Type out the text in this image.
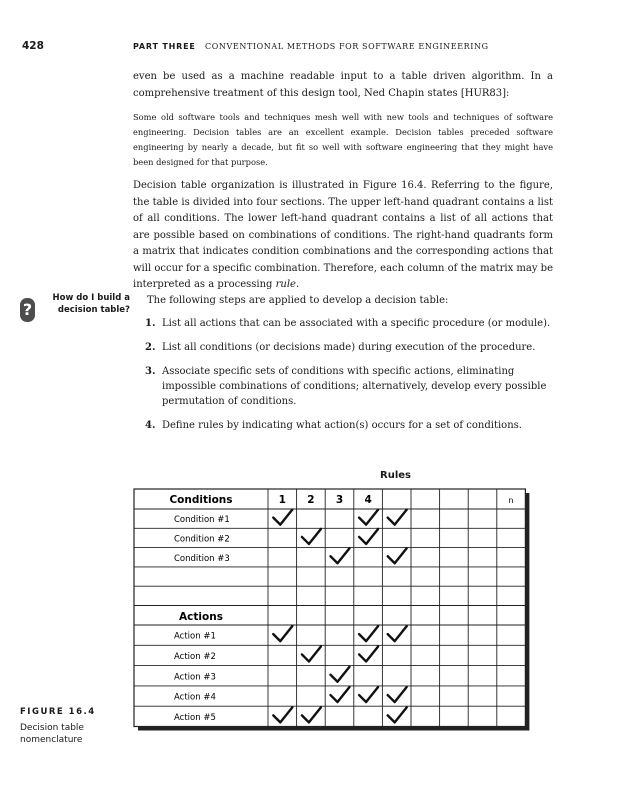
428	PART THREE CONVENTIONAL METHODS FOR SOFTWARE ENGINEERING

even be used as a machine readable input to a table driven algorithm. In a comprehensive treatment of this design tool, Ned Chapin states [HUR83]:

Some old software tools and techniques mesh well with new tools and techniques of software engineering. Decision tables are an excellent example. Decision tables preceded software engineering by nearly a decade, but fit so well with software engineering that they might have been designed for that purpose.

Decision table organization is illustrated in Figure 16.4. Referring to the figure, the table is divided into four sections. The upper left-hand quadrant contains a list of all conditions. The lower left-hand quadrant contains a list of all actions that are possible based on combinations of conditions. The right-hand quadrants form a matrix that indicates condition combinations and the corresponding actions that will occur for a specific combination. Therefore, each column of the matrix may be interpreted as a processing rule.

The following steps are applied to develop a decision table:

1. List all actions that can be associated with a specific procedure (or module).
2. List all conditions (or decisions made) during execution of the procedure.
3. Associate specific sets of conditions with specific actions, eliminating impossible combinations of conditions; alternatively, develop every possible permutation of conditions.
4. Define rules by indicating what action(s) occurs for a set of conditions.
?
How do I build a decision table?
FIGURE 16.4
Decision table nomenclature
Rules
Conditions
Actions
1 2 3 4	n
Condition #1
Condition #2
Condition #3
Action #1
Action #2
Action #3
Action #4
Action #5
